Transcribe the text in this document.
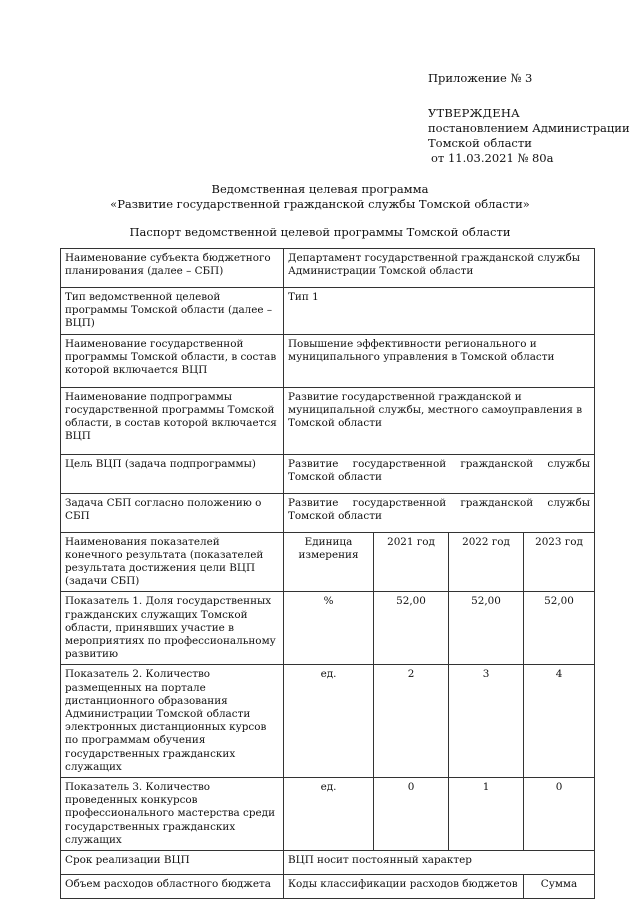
Приложение № 3
УТВЕРЖДЕНА
постановлением Администрации
Томской области
от 11.03.2021 № 80а
Ведомственная целевая программа
«Развитие государственной гражданской службы Томской области»
Паспорт ведомственной целевой программы Томской области
Наименование субъекта бюджетного планирования (далее – СБП)	Департамент государственной гражданской службы Администрации Томской области			
Тип ведомственной целевой программы Томской области (далее – ВЦП)	Тип 1			
Наименование государственной программы Томской области, в состав которой включается ВЦП	Повышение эффективности регионального и муниципального управления в Томской области			
Наименование подпрограммы государственной программы Томской области, в состав которой включается ВЦП	Развитие государственной гражданской и муниципальной службы, местного самоуправления в Томской области			
Цель ВЦП (задача подпрограммы)	Развитие государственной гражданской службы Томской области			
Задача СБП согласно положению о СБП	Развитие государственной гражданской службы Томской области			
Наименования показателей конечного результата (показателей результата достижения цели ВЦП (задачи СБП)	Единица измерения	2021 год	2022 год	2023 год
Показатель 1. Доля государственных гражданских служащих Томской области, принявших участие в мероприятиях по профессиональному развитию	%	52,00	52,00	52,00
Показатель 2. Количество размещенных на портале дистанционного образования Администрации Томской области электронных дистанционных курсов по программам обучения государственных гражданских служащих	ед.	2	3	4
Показатель 3. Количество проведенных конкурсов профессионального мастерства среди государственных гражданских служащих	ед.	0	1	0
Срок реализации ВЦП	ВЦП носит постоянный характер			
Объем расходов областного бюджета	Коды классификации расходов бюджетов			Сумма
